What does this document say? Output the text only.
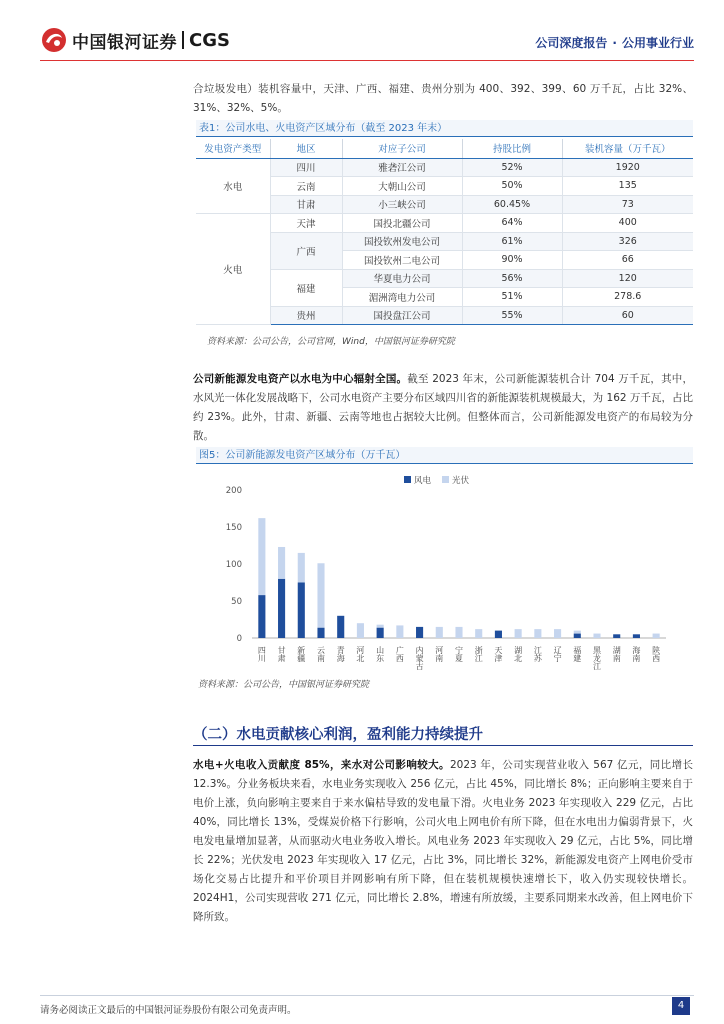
中国银河证券 CGS	公司深度报告 · 公用事业行业
合垃圾发电）装机容量中，天津、广西、福建、贵州分别为 400、392、399、60 万千瓦，占比 32%、31%、32%、5%。
表1：公司水电、火电资产区域分布（截至 2023 年末）
发电资产类型	地区	对应子公司	持股比例	装机容量（万千瓦）
水电	四川	雅砻江公司	52%	1920
	云南	大朝山公司	50%	135
	甘肃	小三峡公司	60.45%	73
火电	天津	国投北疆公司	64%	400
	广西	国投钦州发电公司	61%	326
		国投钦州二电公司	90%	66
	福建	华夏电力公司	56%	120
		湄洲湾电力公司	51%	278.6
	贵州	国投盘江公司	55%	60
资料来源：公司公告，公司官网，Wind，中国银河证券研究院
公司新能源发电资产以水电为中心辐射全国。截至 2023 年末，公司新能源装机合计 704 万千瓦，其中，水风光一体化发展战略下，公司水电资产主要分布区域四川省的新能源装机规模最大，为 162 万千瓦，占比约 23%。此外，甘肃、新疆、云南等地也占据较大比例。但整体而言，公司新能源发电资产的布局较为分散。
图5：公司新能源发电资产区域分布（万千瓦）
0
50
100
150
200
风电 光伏
四川 甘肃 新疆 云南 青海 河北 山东 广西 内蒙古 河南 宁夏 浙江 天津 湖北 江苏 辽宁 福建 黑龙江 湖南 海南 陕西
资料来源：公司公告，中国银河证券研究院
（二）水电贡献核心利润，盈利能力持续提升
水电+火电收入贡献度 85%，来水对公司影响较大。2023 年，公司实现营业收入 567 亿元，同比增长 12.3%。分业务板块来看，水电业务实现收入 256 亿元，占比 45%，同比增长 8%；正向影响主要来自于电价上涨，负向影响主要来自于来水偏枯导致的发电量下滑。火电业务 2023 年实现收入 229 亿元，占比 40%，同比增长 13%，受煤炭价格下行影响，公司火电上网电价有所下降，但在水电出力偏弱背景下，火电发电量增加显著，从而驱动火电业务收入增长。风电业务 2023 年实现收入 29 亿元，占比 5%，同比增长 22%；光伏发电 2023 年实现收入 17 亿元，占比 3%，同比增长 32%，新能源发电资产上网电价受市场化交易占比提升和平价项目并网影响有所下降，但在装机规模快速增长下，收入仍实现较快增长。2024H1，公司实现营收 271 亿元，同比增长 2.8%，增速有所放缓，主要系同期来水改善，但上网电价下降所致。
请务必阅读正文最后的中国银河证券股份有限公司免责声明。	4
